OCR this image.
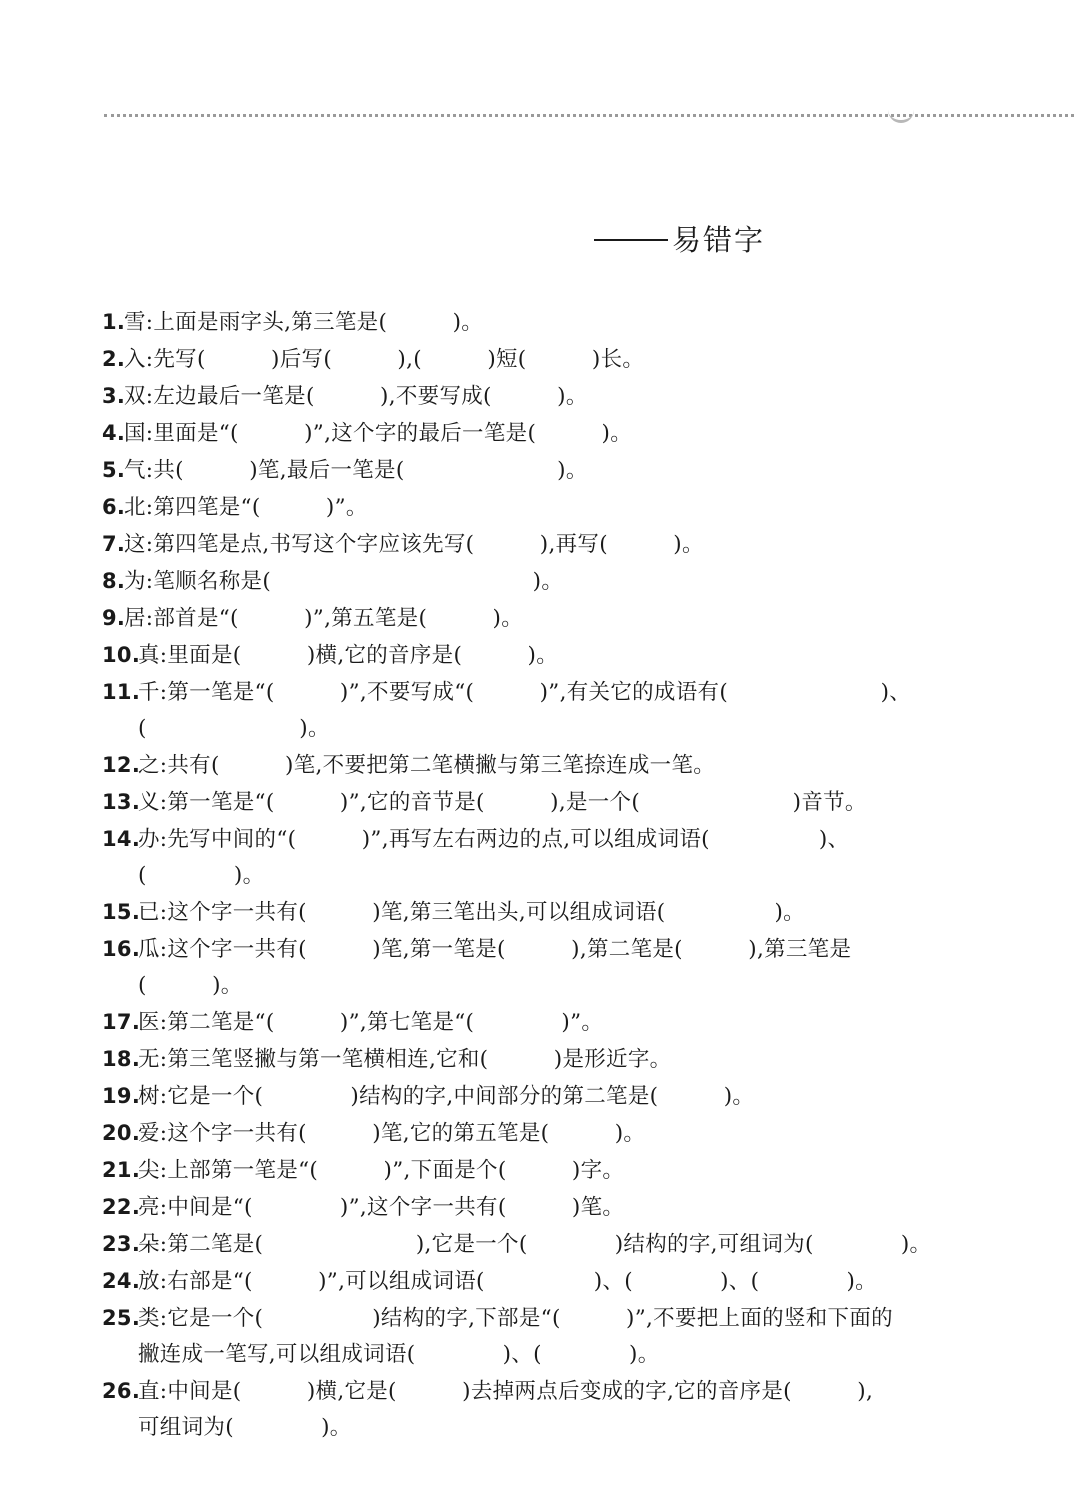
易错字
1.雪:上面是雨字头,第三笔是(　　　)。
2.入:先写(　　　)后写(　　　),(　　　)短(　　　)长。
3.双:左边最后一笔是(　　　),不要写成(　　　)。
4.国:里面是“(　　　)”,这个字的最后一笔是(　　　)。
5.气:共(　　　)笔,最后一笔是(　　　　　　　)。
6.北:第四笔是“(　　　)”。
7.这:第四笔是点,书写这个字应该先写(　　　),再写(　　　)。
8.为:笔顺名称是(　　　　　　　　　　　　)。
9.居:部首是“(　　　)”,第五笔是(　　　)。
10.真:里面是(　　　)横,它的音序是(　　　)。
11.千:第一笔是“(　　　)”,不要写成“(　　　)”,有关它的成语有(　　　　　　　)、
(　　　　　　　)。
12.之:共有(　　　)笔,不要把第二笔横撇与第三笔捺连成一笔。
13.义:第一笔是“(　　　)”,它的音节是(　　　),是一个(　　　　　　　)音节。
14.办:先写中间的“(　　　)”,再写左右两边的点,可以组成词语(　　　　　)、
(　　　　)。
15.已:这个字一共有(　　　)笔,第三笔出头,可以组成词语(　　　　　)。
16.瓜:这个字一共有(　　　)笔,第一笔是(　　　),第二笔是(　　　),第三笔是
(　　　)。
17.医:第二笔是“(　　　)”,第七笔是“(　　　　)”。
18.无:第三笔竖撇与第一笔横相连,它和(　　　)是形近字。
19.树:它是一个(　　　　)结构的字,中间部分的第二笔是(　　　)。
20.爱:这个字一共有(　　　)笔,它的第五笔是(　　　)。
21.尖:上部第一笔是“(　　　)”,下面是个(　　　)字。
22.亮:中间是“(　　　　)”,这个字一共有(　　　)笔。
23.朵:第二笔是(　　　　　　　),它是一个(　　　　)结构的字,可组词为(　　　　)。
24.放:右部是“(　　　)”,可以组成词语(　　　　　)、(　　　　)、(　　　　)。
25.类:它是一个(　　　　　)结构的字,下部是“(　　　)”,不要把上面的竖和下面的
撇连成一笔写,可以组成词语(　　　　)、(　　　　)。
26.直:中间是(　　　)横,它是(　　　)去掉两点后变成的字,它的音序是(　　　),
可组词为(　　　　)。
